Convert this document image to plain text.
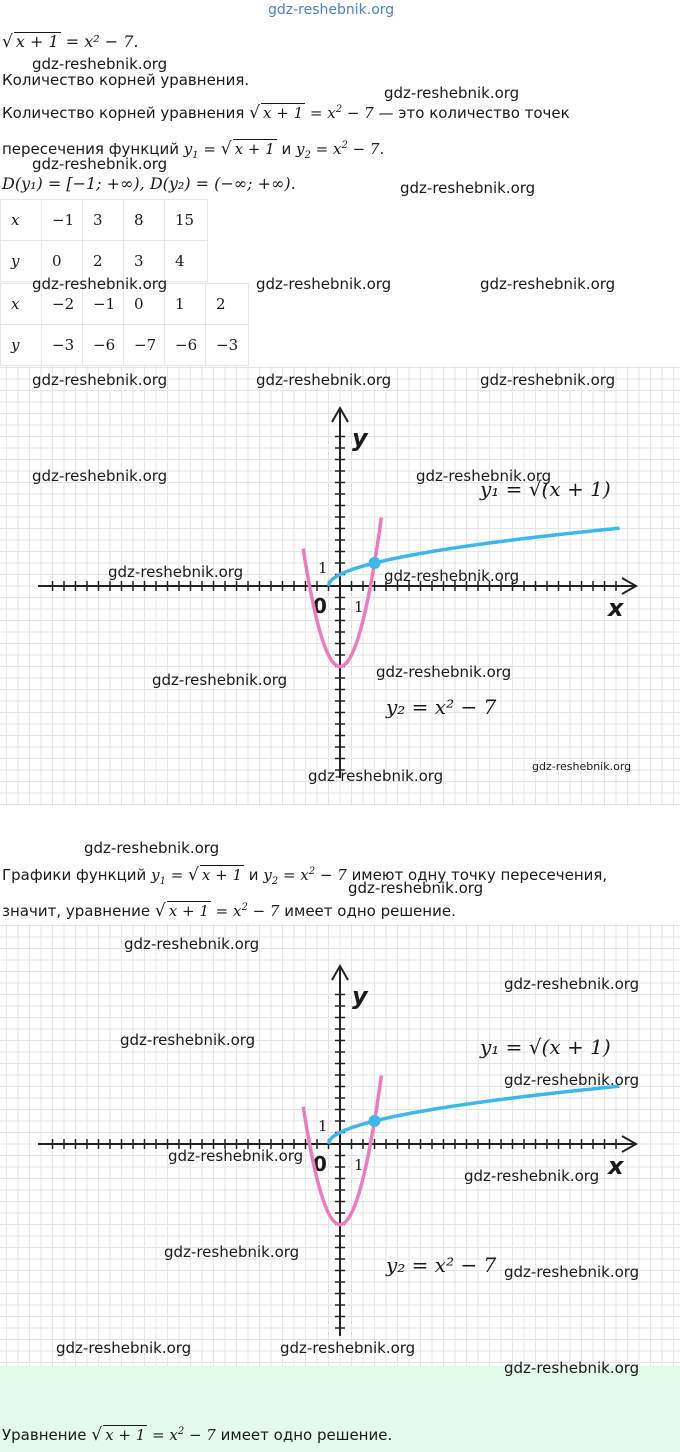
gdz-reshebnik.org
√ x + 1 = x² − 7.
gdz-reshebnik.org
Количество корней уравнения.
gdz-reshebnik.org
Количество корней уравнения √ $x + 1 = x^2 - 7$ — это количество точек
пересечения функций $y_1$ = √ x + 1 и $y_2 = x^2 - 7$.
gdz-reshebnik.org
D(y₁) = [−1; +∞), D(y₂) = (−∞; +∞).	gdz-reshebnik.org
x	−1	3	8	15
y	0	2	3	4
x	−2	−1	0	1	2
y	−3	−6	−7	−6	−3
gdz-reshebnik.org	gdz-reshebnik.org	gdz-reshebnik.org
y
x
0 1
1
y₁ = √(x + 1)
y₂ = x² − 7
gdz-reshebnik.org	gdz-reshebnik.org	gdz-reshebnik.org
gdz-reshebnik.org	gdz-reshebnik.org
gdz-reshebnik.org	gdz-reshebnik.org
gdz-reshebnik.org
gdz-reshebnik.org
gdz-reshebnik.org
gdz-reshebnik.org
gdz-reshebnik.org
Графики функций $y_1$ = √ x + 1 и $y_2 = x^2 - 7$ имеют одну точку пересечения,
gdz-reshebnik.org
значит, уравнение √ $x + 1 = x^2 - 7$ имеет одно решение.
y
x
0 1
1
y₁ = √(x + 1)
y₂ = x² − 7
gdz-reshebnik.org
gdz-reshebnik.org
gdz-reshebnik.org
gdz-reshebnik.org
gdz-reshebnik.org
gdz-reshebnik.org
gdz-reshebnik.org
gdz-reshebnik.org
gdz-reshebnik.org	gdz-reshebnik.org
gdz-reshebnik.org
Уравнение √ $x + 1 = x^2 - 7$ имеет одно решение.
